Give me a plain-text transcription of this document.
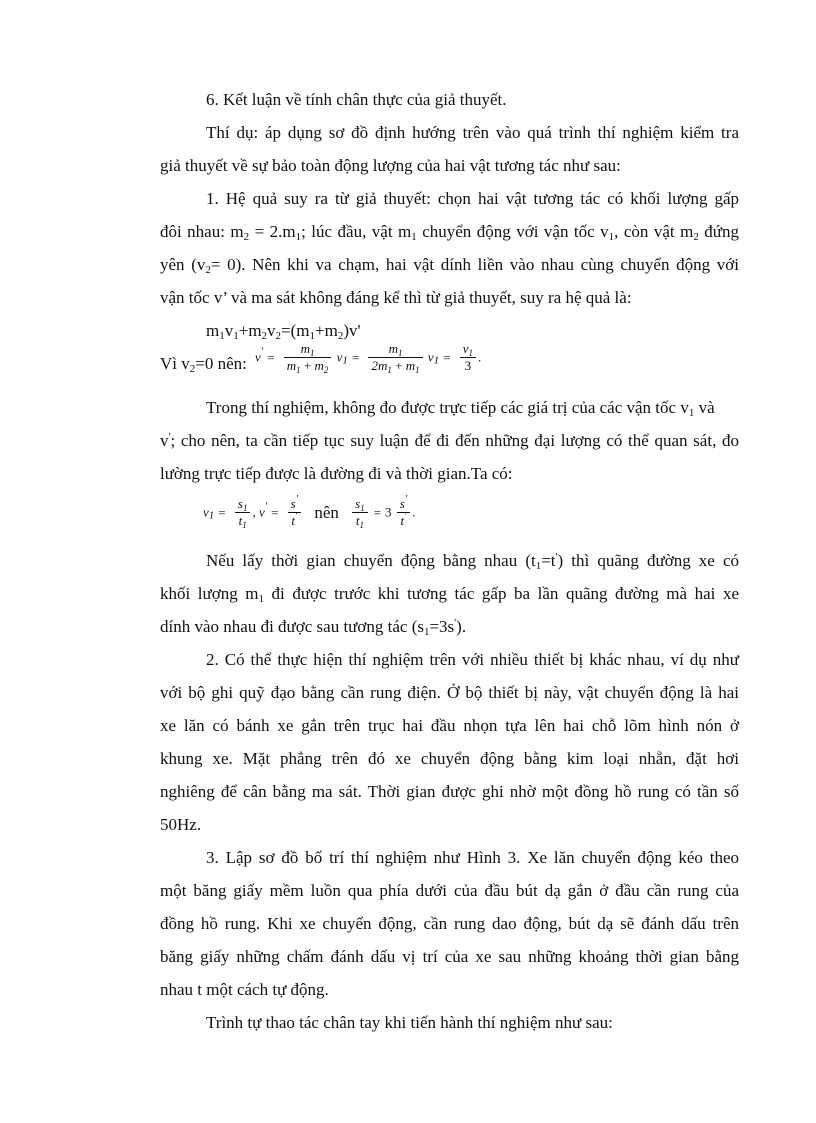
6. Kết luận về tính chân thực của giả thuyết.
Thí dụ: áp dụng sơ đồ định hướng trên vào quá trình thí nghiệm kiểm tra
giả thuyết về sự bảo toàn động lượng của hai vật tương tác như sau:
1. Hệ quả suy ra từ giả thuyết: chọn hai vật tương tác có khối lượng gấp
đôi nhau: $m_2 = 2.m_1$; lúc đầu, vật $m_1$ chuyển động với vận tốc $v_1$, còn vật $m_2$ đứng
yên $(v_2= 0)$. Nên khi va chạm, hai vật dính liền vào nhau cùng chuyển động với
vận tốc v’ và ma sát không đáng kể thì từ giả thuyết, suy ra hệ quả là:
$m_1v_1+m_2v_2=(m_1+m_2)v'$
Vì $v_2=0$ nên: $v' = \frac{m_1}{m_1 + m_2} v_1 = \frac{m_1}{2m_1 + m_1} v_1 = \frac{v_1}{3}$ .
Trong thí nghiệm, không đo được trực tiếp các giá trị của các vận tốc $v_1$ và
v'; cho nên, ta cần tiếp tục suy luận để đi đến những đại lượng có thể quan sát, đo
lường trực tiếp được là đường đi và thời gian.Ta có:
$v_1 = \frac{s_1}{t_1}$ , $v' = \frac{s'}{t'}$ nên $\frac{s_1}{t_1} = 3 \frac{s'}{t'}$ .
Nếu lấy thời gian chuyển động bằng nhau $(t_1=t')$ thì quãng đường xe có
khối lượng $m_1$ đi được trước khi tương tác gấp ba lần quãng đường mà hai xe
dính vào nhau đi được sau tương tác $(s_1=3s')$.
2. Có thể thực hiện thí nghiệm trên với nhiều thiết bị khác nhau, ví dụ như
với bộ ghi quỹ đạo bằng cần rung điện. Ở bộ thiết bị này, vật chuyển động là hai
xe lăn có bánh xe gắn trên trục hai đầu nhọn tựa lên hai chỗ lõm hình nón ở
khung xe. Mặt phẳng trên đó xe chuyển động bằng kim loại nhẵn, đặt hơi
nghiêng để cân bằng ma sát. Thời gian được ghi nhờ một đồng hồ rung có tần số
50Hz.
3. Lập sơ đồ bố trí thí nghiệm như Hình 3. Xe lăn chuyển động kéo theo
một băng giấy mềm luồn qua phía dưới của đầu bút dạ gắn ở đầu cần rung của
đồng hồ rung. Khi xe chuyển động, cần rung dao động, bút dạ sẽ đánh dấu trên
băng giấy những chấm đánh dấu vị trí của xe sau những khoảng thời gian bằng
nhau t một cách tự động.
Trình tự thao tác chân tay khi tiến hành thí nghiệm như sau:
